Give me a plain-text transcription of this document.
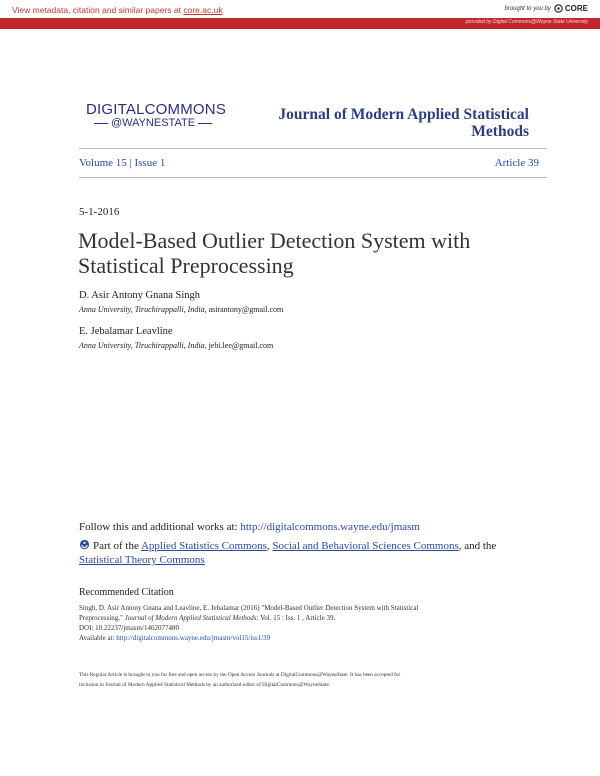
View metadata, citation and similar papers at core.ac.uk	brought to you by CORE
provided by Digital Commons@Wayne State University
DIGITALCOMMONS
@WAYNESTATE	Journal of Modern Applied Statistical Methods
Volume 15 | Issue 1	Article 39
5-1-2016
Model-Based Outlier Detection System with Statistical Preprocessing
D. Asir Antony Gnana Singh
Anna University, Tiruchirappalli, India, asirantony@gmail.com
E. Jebalamar Leavline
Anna University, Tiruchirappalli, India, jebi.lee@gmail.com
Follow this and additional works at: http://digitalcommons.wayne.edu/jmasm
Part of the Applied Statistics Commons, Social and Behavioral Sciences Commons, and the
Statistical Theory Commons
Recommended Citation
Singh, D. Asir Antony Gnana and Leavline, E. Jebalamar (2016) "Model-Based Outlier Detection System with Statistical
Preprocessing," Journal of Modern Applied Statistical Methods: Vol. 15 : Iss. 1 , Article 39.
DOI: 10.22237/jmasm/1462077480
Available at: http://digitalcommons.wayne.edu/jmasm/vol15/iss1/39
This Regular Article is brought to you for free and open access by the Open Access Journals at DigitalCommons@WayneState. It has been accepted for
inclusion in Journal of Modern Applied Statistical Methods by an authorized editor of DigitalCommons@WayneState.
